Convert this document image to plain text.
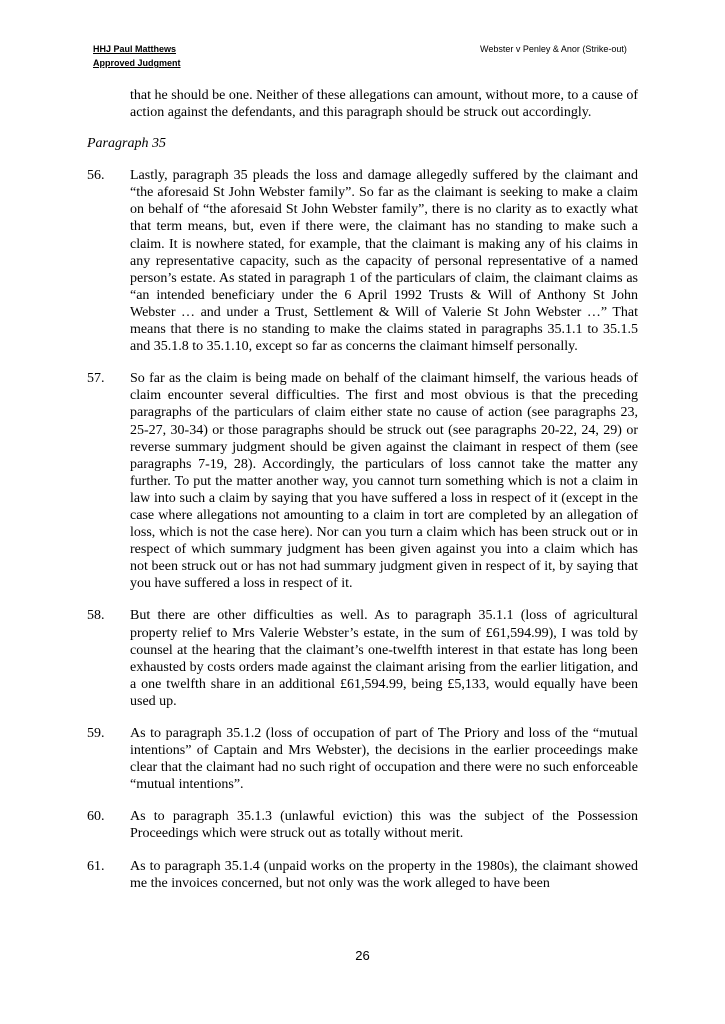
HHJ Paul Matthews
Approved Judgment
Webster v Penley & Anor (Strike-out)
that he should be one. Neither of these allegations can amount, without more, to a cause of action against the defendants, and this paragraph should be struck out accordingly.
Paragraph 35
56.	Lastly, paragraph 35 pleads the loss and damage allegedly suffered by the claimant and “the aforesaid St John Webster family”. So far as the claimant is seeking to make a claim on behalf of “the aforesaid St John Webster family”, there is no clarity as to exactly what that term means, but, even if there were, the claimant has no standing to make such a claim. It is nowhere stated, for example, that the claimant is making any of his claims in any representative capacity, such as the capacity of personal representative of a named person’s estate. As stated in paragraph 1 of the particulars of claim, the claimant claims as “an intended beneficiary under the 6 April 1992 Trusts & Will of Anthony St John Webster … and under a Trust, Settlement & Will of Valerie St John Webster …” That means that there is no standing to make the claims stated in paragraphs 35.1.1 to 35.1.5 and 35.1.8 to 35.1.10, except so far as concerns the claimant himself personally.
57.	So far as the claim is being made on behalf of the claimant himself, the various heads of claim encounter several difficulties. The first and most obvious is that the preceding paragraphs of the particulars of claim either state no cause of action (see paragraphs 23, 25-27, 30-34) or those paragraphs should be struck out (see paragraphs 20-22, 24, 29) or reverse summary judgment should be given against the claimant in respect of them (see paragraphs 7-19, 28). Accordingly, the particulars of loss cannot take the matter any further. To put the matter another way, you cannot turn something which is not a claim in law into such a claim by saying that you have suffered a loss in respect of it (except in the case where allegations not amounting to a claim in tort are completed by an allegation of loss, which is not the case here). Nor can you turn a claim which has been struck out or in respect of which summary judgment has been given against you into a claim which has not been struck out or has not had summary judgment given in respect of it, by saying that you have suffered a loss in respect of it.
58.	But there are other difficulties as well. As to paragraph 35.1.1 (loss of agricultural property relief to Mrs Valerie Webster’s estate, in the sum of £61,594.99), I was told by counsel at the hearing that the claimant’s one-twelfth interest in that estate has long been exhausted by costs orders made against the claimant arising from the earlier litigation, and a one twelfth share in an additional £61,594.99, being £5,133, would equally have been used up.
59.	As to paragraph 35.1.2 (loss of occupation of part of The Priory and loss of the “mutual intentions” of Captain and Mrs Webster), the decisions in the earlier proceedings make clear that the claimant had no such right of occupation and there were no such enforceable “mutual intentions”.
60.	As to paragraph 35.1.3 (unlawful eviction) this was the subject of the Possession Proceedings which were struck out as totally without merit.
61.	As to paragraph 35.1.4 (unpaid works on the property in the 1980s), the claimant showed me the invoices concerned, but not only was the work alleged to have been
26
